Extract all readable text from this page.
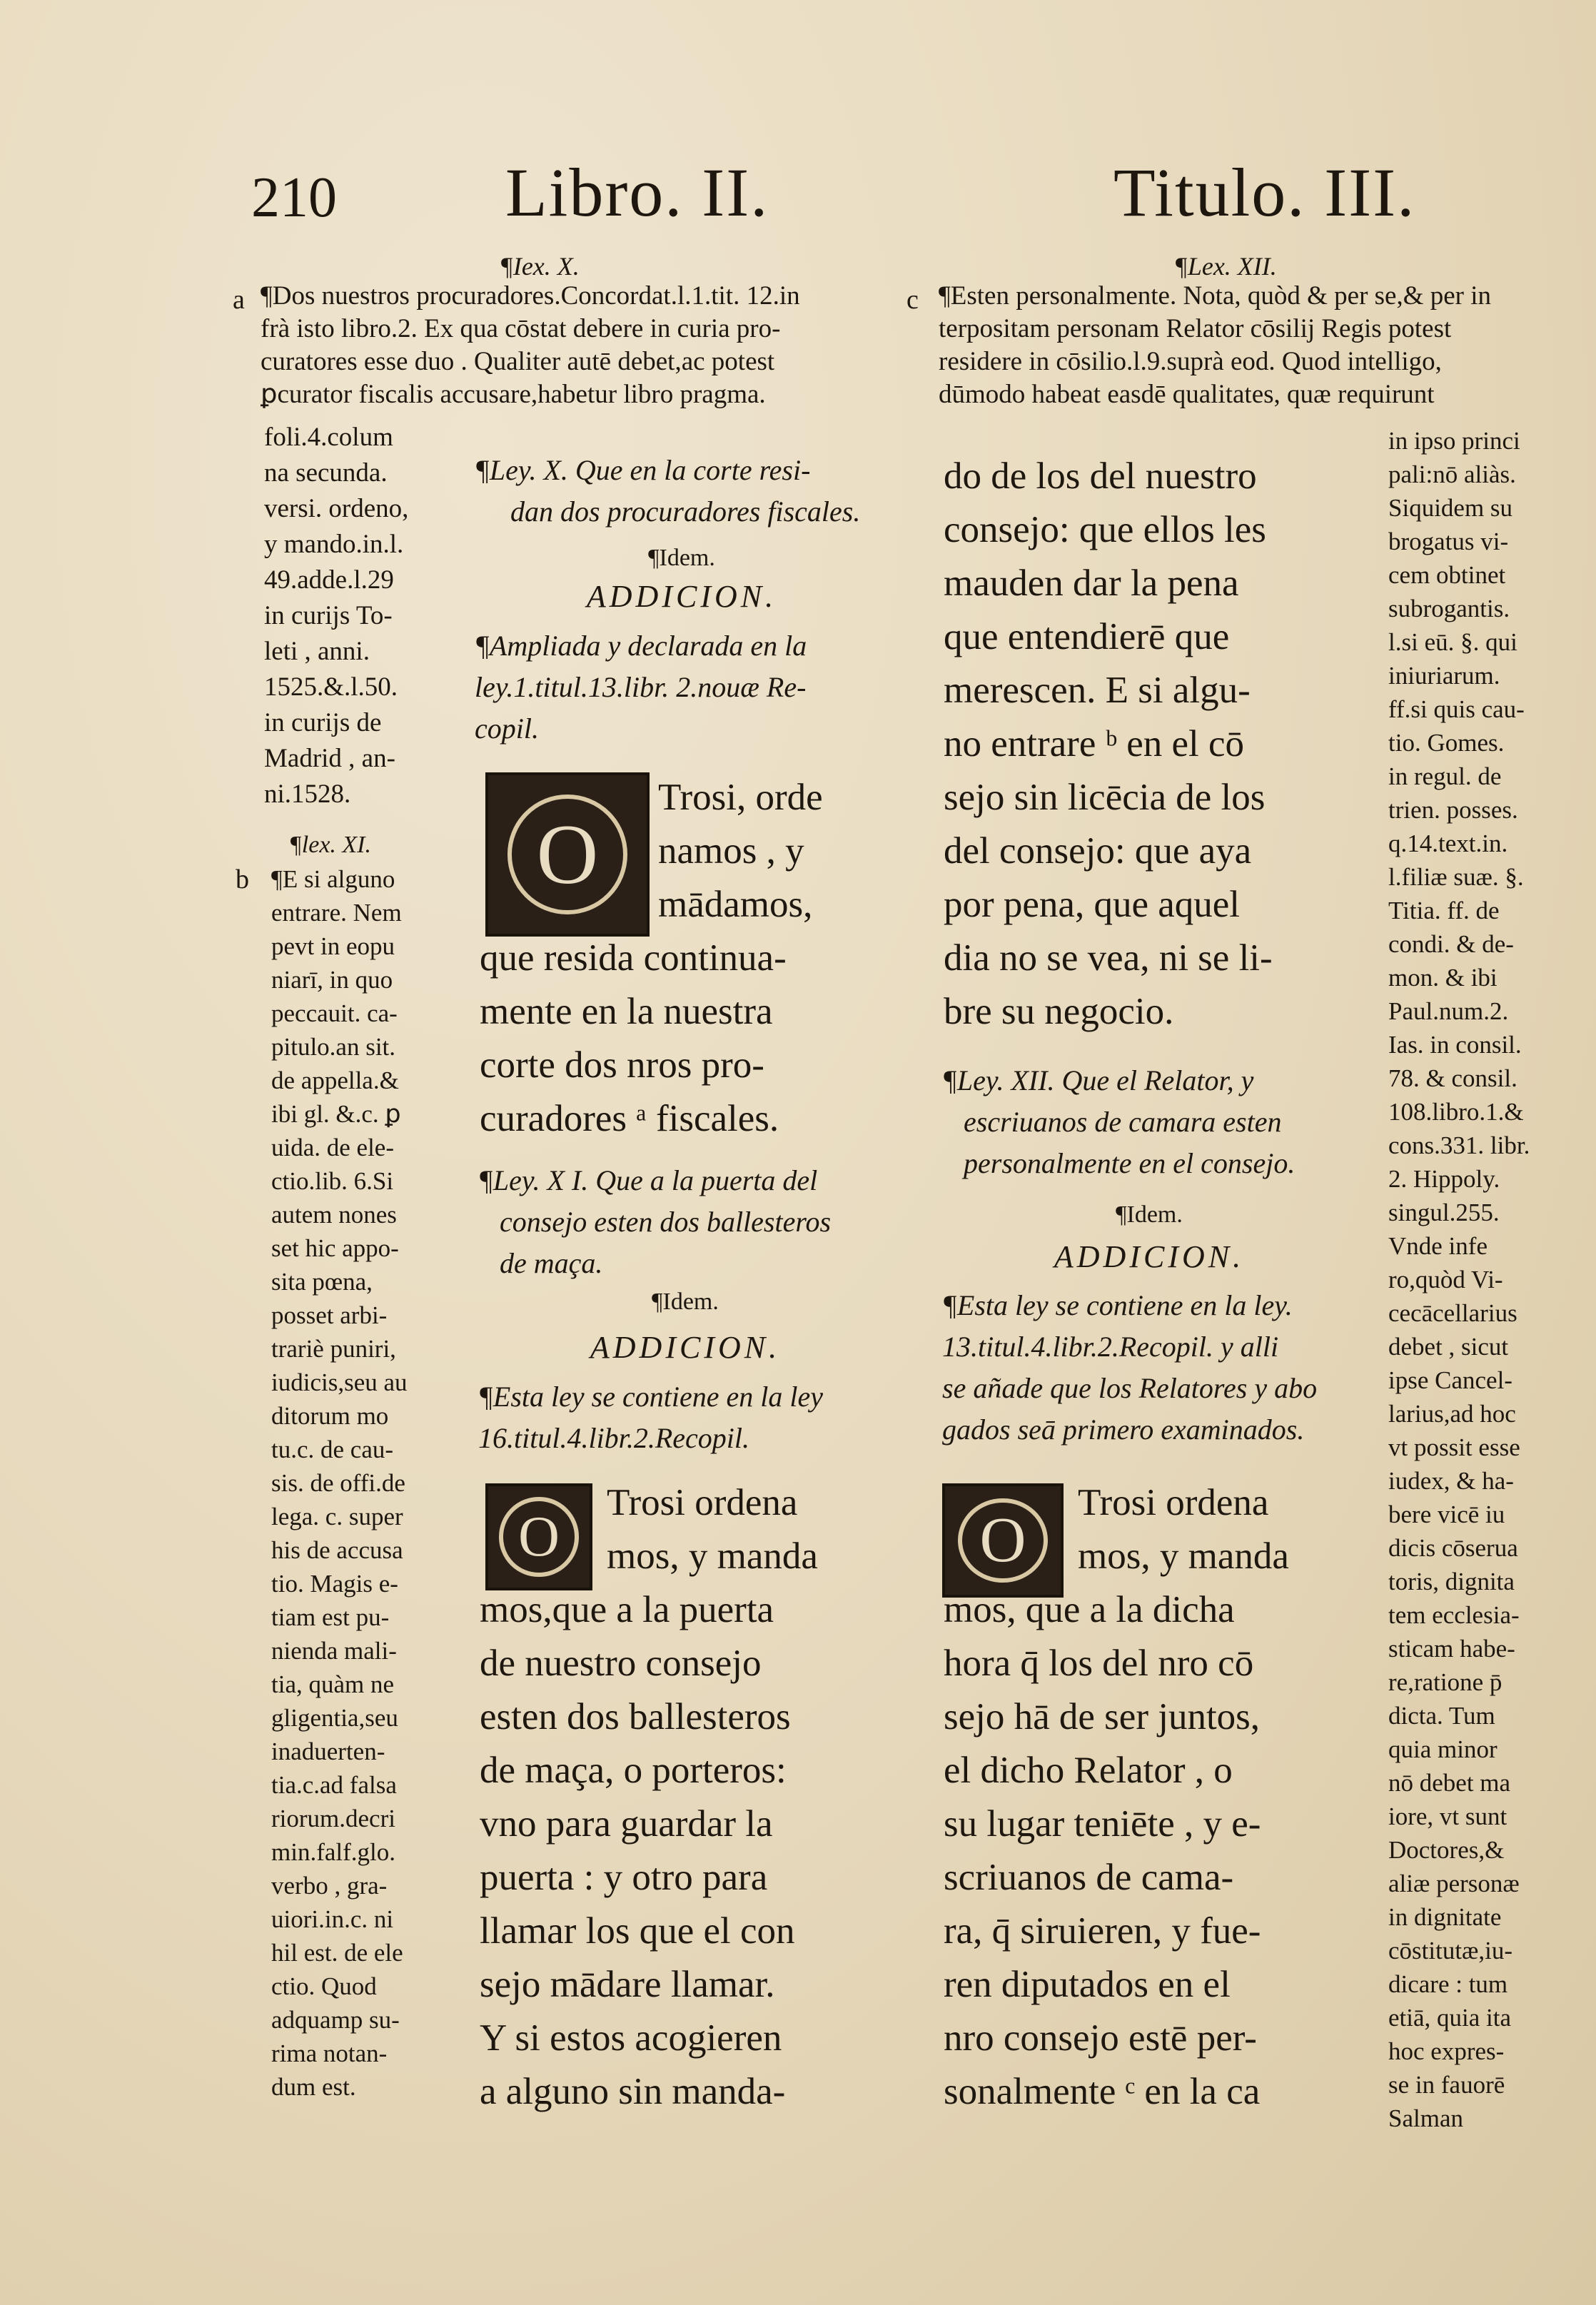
210 Libro. II.	Titulo. III.
¶Iex. X.
a ¶Dos nuestros procuradores.Concordat.l.1.tit. 12.in
frà isto libro.2. Ex qua cōstat debere in curia pro-
curatores esse duo . Qualiter autē debet,ac potest
ꝑcurator fiscalis accusare,habetur libro pragma.
foli.4.colum
na secunda.
versi. ordeno,
y mando.in.l.
49.adde.l.29
in curijs To-
leti , anni.
1525.&.l.50.
in curijs de
Madrid , an-
ni.1528.
¶lex. XI.
b ¶E si alguno
entrare. Nem
pevt in eopu
niarī, in quo
peccauit. ca-
pitulo.an sit.
de appella.&
ibi gl. &.c. ꝑ
uida. de ele-
ctio.lib. 6.Si
autem nones
set hic appo-
sita pœna,
posset arbi-
trariè puniri,
iudicis,seu au
ditorum mo
tu.c. de cau-
sis. de offi.de
lega. c. super
his de accusa
tio. Magis e-
tiam est pu-
nienda mali-
tia, quàm ne
gligentia,seu
inaduerten-
tia.c.ad falsa
riorum.decri
min.falf.glo.
verbo , gra-
uiori.in.c. ni
hil est. de ele
ctio. Quod
adquamp su-
rima notan-
dum est.
¶Ley. X. Que en la corte resi-
dan dos procuradores fiscales.
¶Idem.
ADDICION.
¶Ampliada y declarada en la
ley.1.titul.13.libr. 2.nouæ Re-
copil.
O
Trosi, orde
namos , y
mādamos,
que resida continua-
mente en la nuestra
corte dos nros pro-
curadores ᵃ fiscales.
¶Ley. X I. Que a la puerta del
consejo esten dos ballesteros
de maça.
¶Idem.
ADDICION.
¶Esta ley se contiene en la ley
16.titul.4.libr.2.Recopil.
O
Trosi ordena
mos, y manda
mos,que a la puerta
de nuestro consejo
esten dos ballesteros
de maça, o porteros:
vno para guardar la
puerta : y otro para
llamar los que el con
sejo mādare llamar.
Y si estos acogieren
a alguno sin manda-
¶Lex. XII.
c ¶Esten personalmente. Nota, quòd & per se,& per in
terpositam personam Relator cōsilij Regis potest
residere in cōsilio.l.9.suprà eod. Quod intelligo,
dūmodo habeat easdē qualitates, quæ requirunt
do de los del nuestro
consejo: que ellos les
mauden dar la pena
que entendierē que
merescen. E si algu-
no entrare ᵇ en el cō
sejo sin licēcia de los
del consejo: que aya
por pena, que aquel
dia no se vea, ni se li-
bre su negocio.
¶Ley. XII. Que el Relator, y
escriuanos de camara esten
personalmente en el consejo.
¶Idem.
ADDICION.
¶Esta ley se contiene en la ley.
13.titul.4.libr.2.Recopil. y alli
se añade que los Relatores y abo
gados seā primero examinados.
O
Trosi ordena
mos, y manda
mos, que a la dicha
hora q̄ los del nro cō
sejo hā de ser juntos,
el dicho Relator , o
su lugar teniēte , y e-
scriuanos de cama-
ra, q̄ siruieren, y fue-
ren diputados en el
nro consejo estē per-
sonalmente ᶜ en la ca
in ipso princi
pali:nō aliàs.
Siquidem su
brogatus vi-
cem obtinet
subrogantis.
l.si eū. §. qui
iniuriarum.
ff.si quis cau-
tio. Gomes.
in regul. de
trien. posses.
q.14.text.in.
l.filiæ suæ. §.
Titia. ff. de
condi. & de-
mon. & ibi
Paul.num.2.
Ias. in consil.
78. & consil.
108.libro.1.&
cons.331. libr.
2. Hippoly.
singul.255.
Vnde infe
ro,quòd Vi-
cecācellarius
debet , sicut
ipse Cancel-
larius,ad hoc
vt possit esse
iudex, & ha-
bere vicē iu
dicis cōserua
toris, dignita
tem ecclesia-
sticam habe-
re,ratione p̄
dicta. Tum
quia minor
nō debet ma
iore, vt sunt
Doctores,&
aliæ personæ
in dignitate
cōstitutæ,iu-
dicare : tum
etiā, quia ita
hoc expres-
se in fauorē
Salman
